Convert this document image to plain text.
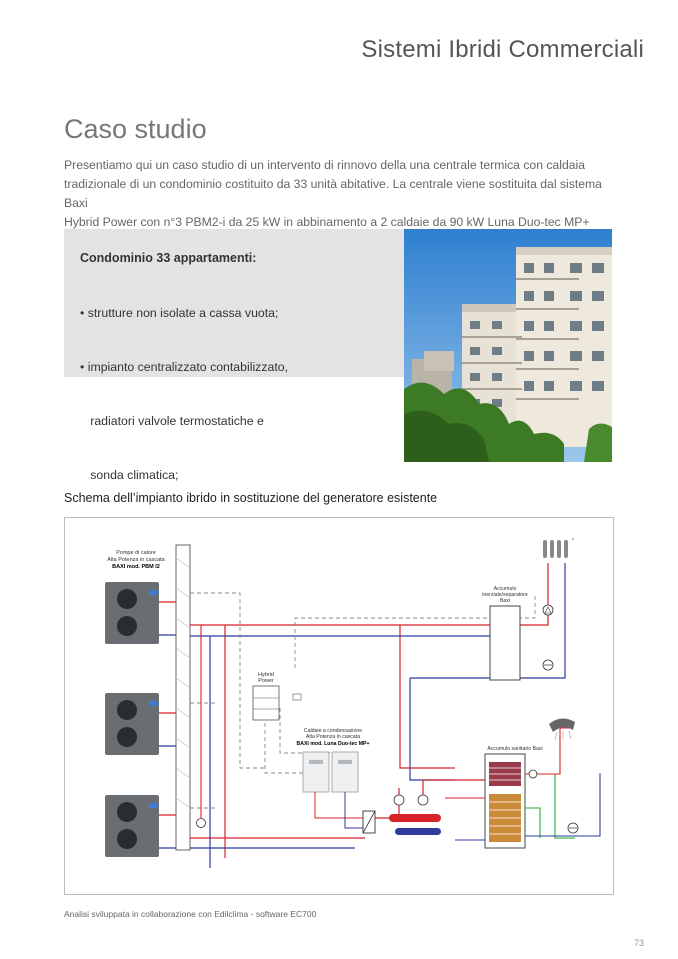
Sistemi Ibridi Commerciali
Caso studio
Presentiamo qui un caso studio di un intervento di rinnovo della una centrale termica con caldaia
tradizionale di un condominio costituito da 33 unità abitative. La centrale viene sostituita dal sistema Baxi
Hybrid Power con n°3 PBM2-i da 25 kW in abbinamento a 2 caldaie da 90 kW Luna Duo-tec MP+
Condominio 33 appartamenti:

• strutture non isolate a cassa vuota;

• impianto centralizzato contabilizzato,

radiatori valvole termostatiche e

sonda climatica;

Schema dell’impianto ibrido in sostituzione del generatore esistente
Pompe di calore
Alta Potenza in cascata
BAXI mod. PBM I2
Hybrid
Power
Caldaie a condensazione
Alta Potenza in cascata
BAXI mod. Luna Duo-tec MP+
Accumulo
inerziale/separatore
Baxi
*
Accumulo sanitario Baxi
Analisi sviluppata in collaborazione con Edilclima - software EC700
73
